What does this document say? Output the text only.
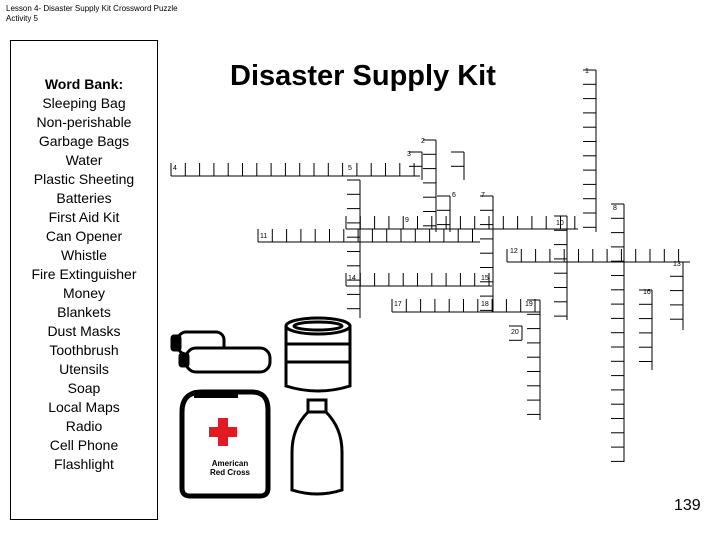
Lesson 4- Disaster Supply Kit Crossword Puzzle
Activity 5
Word Bank:
Sleeping Bag
Non-perishable
Garbage Bags
Water
Plastic Sheeting
Batteries
First Aid Kit
Can Opener
Whistle
Fire Extinguisher
Money
Blankets
Dust Masks
Toothbrush
Utensils
Soap
Local Maps
Radio
Cell Phone
Flashlight
Disaster Supply Kit	1
2
3
4	5
6	7
8
9	10
11
12
13
14	15
16
17	18	19
20
American
Red Cross
139
